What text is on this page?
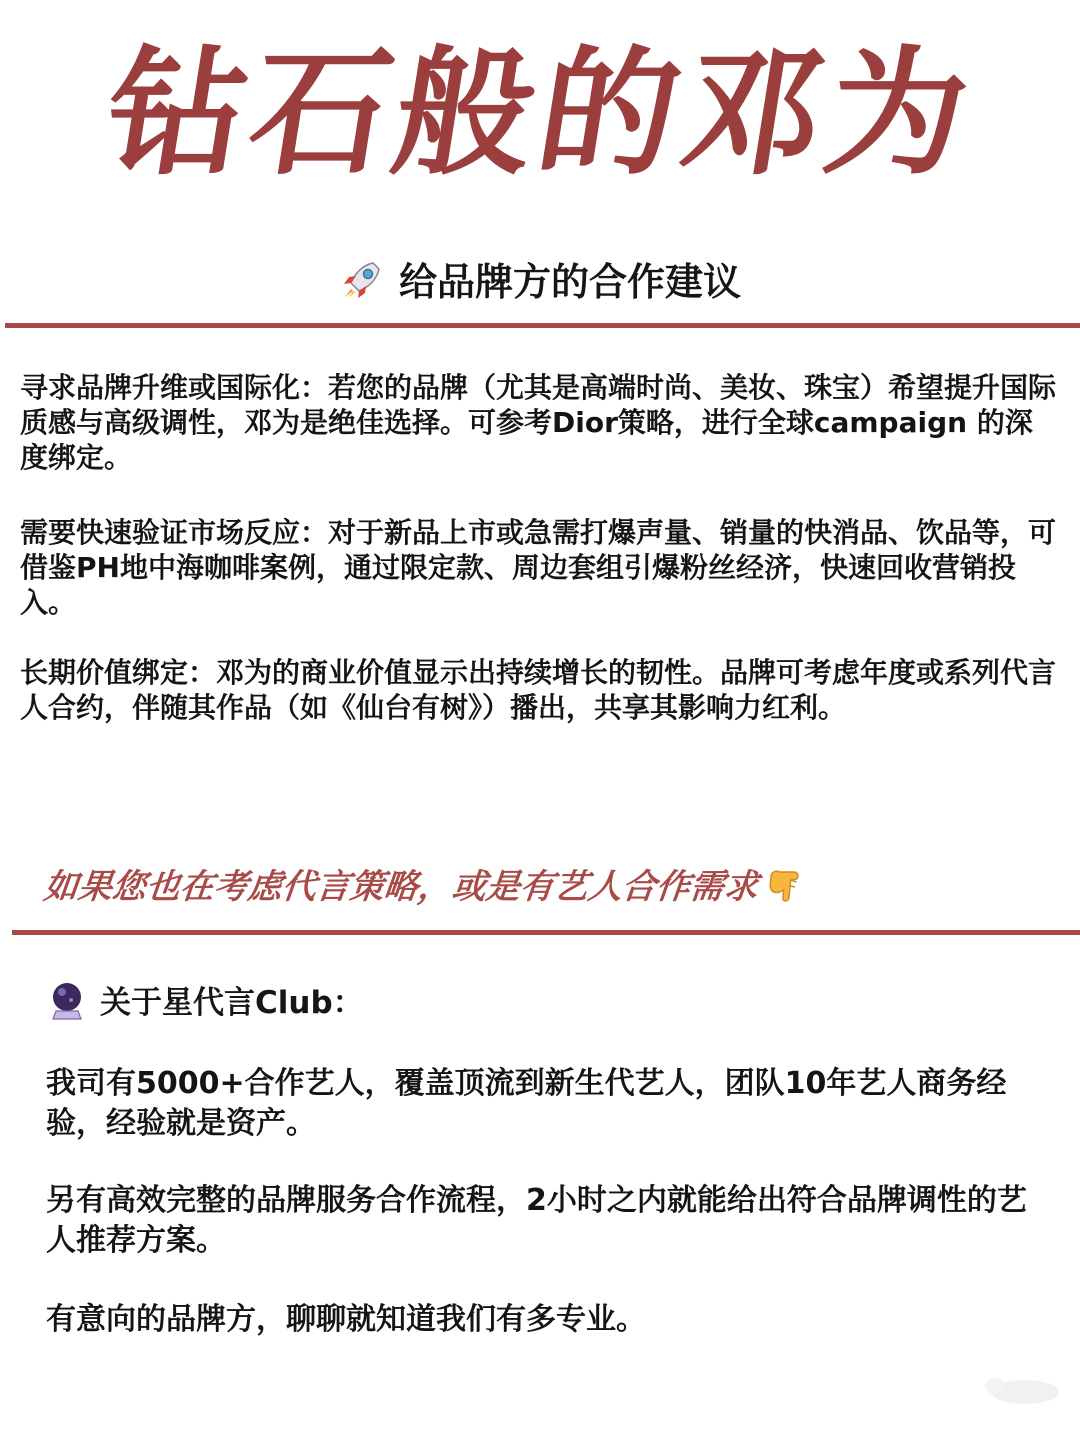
钻石般的邓为
给品牌方的合作建议
寻求品牌升维或国际化：若您的品牌（尤其是高端时尚、美妆、珠宝）希望提升国际质感与高级调性，邓为是绝佳选择。可参考Dior策略，进行全球campaign 的深度绑定。
需要快速验证市场反应：对于新品上市或急需打爆声量、销量的快消品、饮品等，可借鉴PH地中海咖啡案例，通过限定款、周边套组引爆粉丝经济，快速回收营销投入。
长期价值绑定：邓为的商业价值显示出持续增长的韧性。品牌可考虑年度或系列代言人合约，伴随其作品（如《仙台有树》）播出，共享其影响力红利。
如果您也在考虑代言策略，或是有艺人合作需求
关于星代言Club：
我司有5000+合作艺人，覆盖顶流到新生代艺人，团队10年艺人商务经验，经验就是资产。
另有高效完整的品牌服务合作流程，2小时之内就能给出符合品牌调性的艺人推荐方案。
有意向的品牌方，聊聊就知道我们有多专业。
